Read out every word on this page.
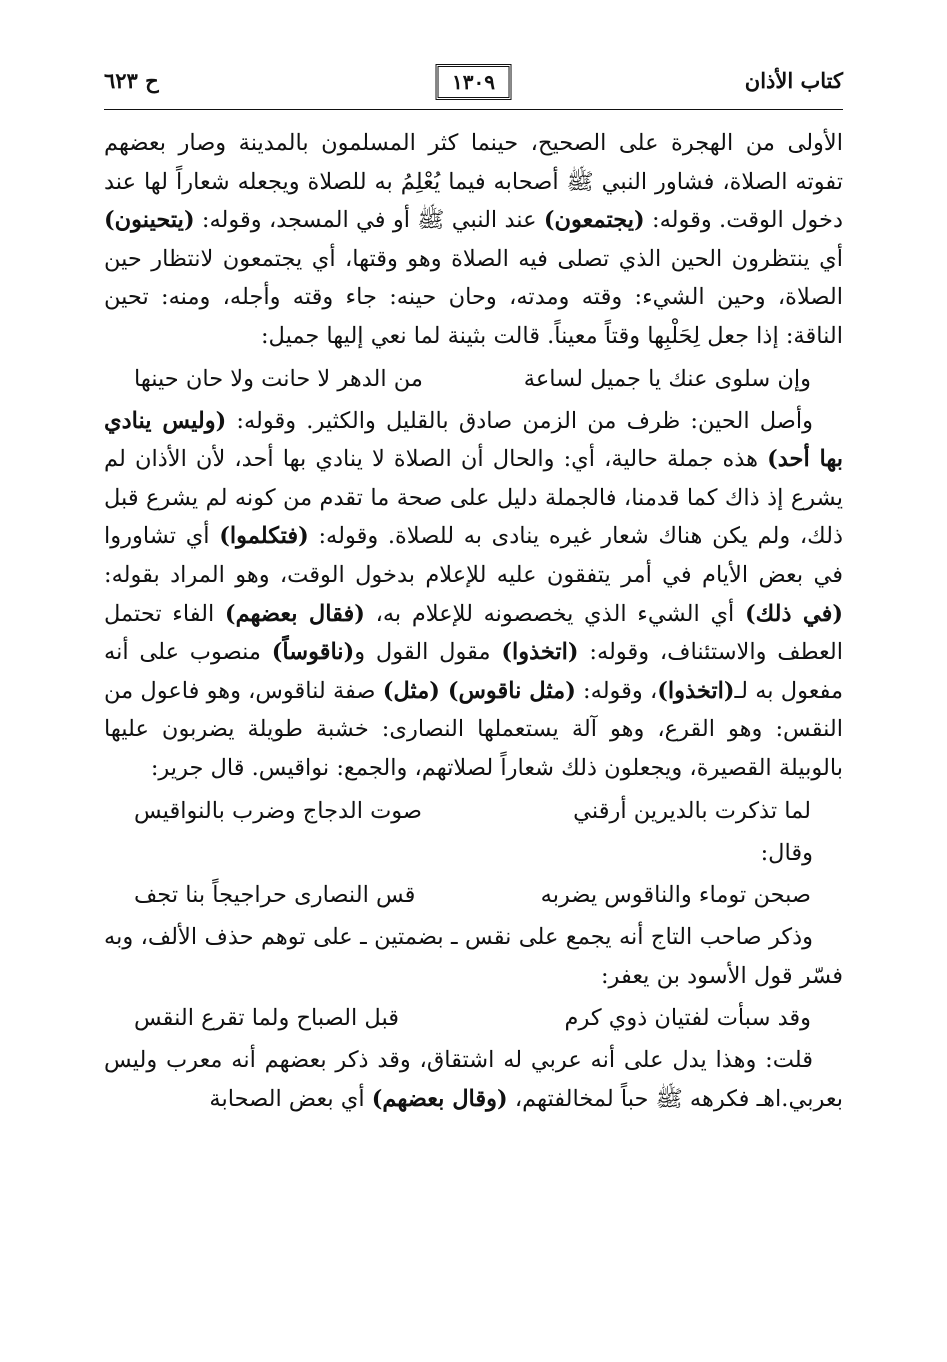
كتاب الأذان
١٣٠٩
ح ٦٢٣

الأولى من الهجرة على الصحيح، حينما كثر المسلمون بالمدينة وصار بعضهم تفوته الصلاة، فشاور النبي ﷺ أصحابه فيما يُعْلِمُ به للصلاة ويجعله شعاراً لها عند دخول الوقت. وقوله: (يجتمعون) عند النبي ﷺ أو في المسجد، وقوله: (يتحينون) أي ينتظرون الحين الذي تصلى فيه الصلاة وهو وقتها، أي يجتمعون لانتظار حين الصلاة، وحين الشيء: وقته ومدته، وحان حينه: جاء وقته وأجله، ومنه: تحين الناقة: إذا جعل لِحَلْبِها وقتاً معيناً. قالت بثينة لما نعي إليها جميل:

وإن سلوى عنك يا جميل لساعة
من الدهر لا حانت ولا حان حينها

وأصل الحين: ظرف من الزمن صادق بالقليل والكثير. وقوله: (وليس ينادي بها أحد) هذه جملة حالية، أي: والحال أن الصلاة لا ينادي بها أحد، لأن الأذان لم يشرع إذ ذاك كما قدمنا، فالجملة دليل على صحة ما تقدم من كونه لم يشرع قبل ذلك، ولم يكن هناك شعار غيره ينادى به للصلاة. وقوله: (فتكلموا) أي تشاوروا في بعض الأيام في أمر يتفقون عليه للإعلام بدخول الوقت، وهو المراد بقوله: (في ذلك) أي الشيء الذي يخصصونه للإعلام به، (فقال بعضهم) الفاء تحتمل العطف والاستئناف، وقوله: (اتخذوا) مقول القول و(ناقوساً) منصوب على أنه مفعول به لـ(اتخذوا)، وقوله: (مثل ناقوس) (مثل) صفة لناقوس، وهو فاعول من النقس: وهو القرع، وهو آلة يستعملها النصارى: خشبة طويلة يضربون عليها بالوبيلة القصيرة، ويجعلون ذلك شعاراً لصلاتهم، والجمع: نواقيس. قال جرير:

لما تذكرت بالديرين أرقني
صوت الدجاج وضرب بالنواقيس

وقال:

صبحن توماء والناقوس يضربه
قس النصارى حراجيجاً بنا تجف

وذكر صاحب التاج أنه يجمع على نقس ـ بضمتين ـ على توهم حذف الألف، وبه فسّر قول الأسود بن يعفر:

وقد سبأت لفتيان ذوي كرم
قبل الصباح ولما تقرع النقس

قلت: وهذا يدل على أنه عربي له اشتقاق، وقد ذكر بعضهم أنه معرب وليس بعربي.اهـ فكرهه ﷺ حباً لمخالفتهم، (وقال بعضهم) أي بعض الصحابة
